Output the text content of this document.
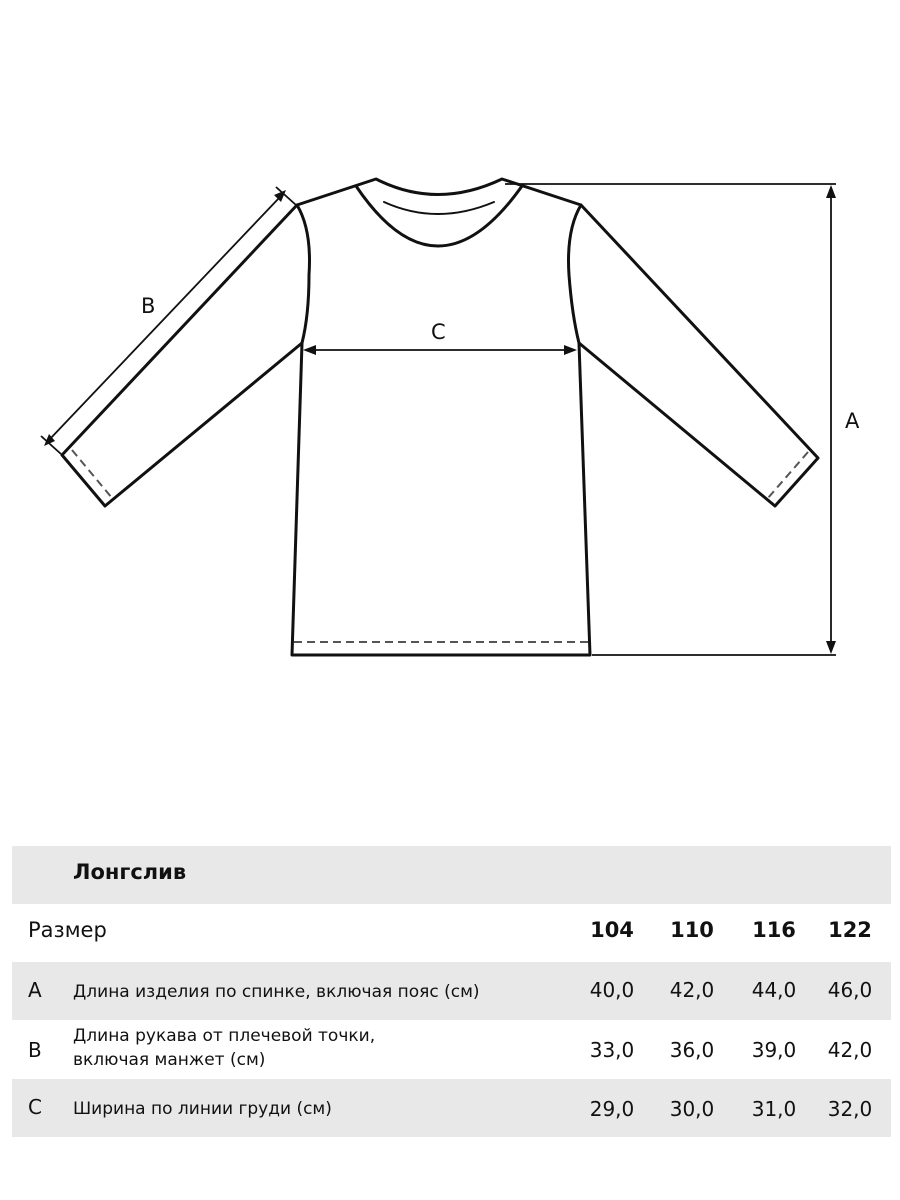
A
B
C
Лонгслив
Размер	104	110	116	122
A Длина изделия по спинке, включая пояс (см)	40,0	42,0	44,0	46,0
B
Длина рукава от плечевой точки,
включая манжет (см)	33,0	36,0	39,0	42,0
C Ширина по линии груди (см)	29,0	30,0	31,0	32,0
